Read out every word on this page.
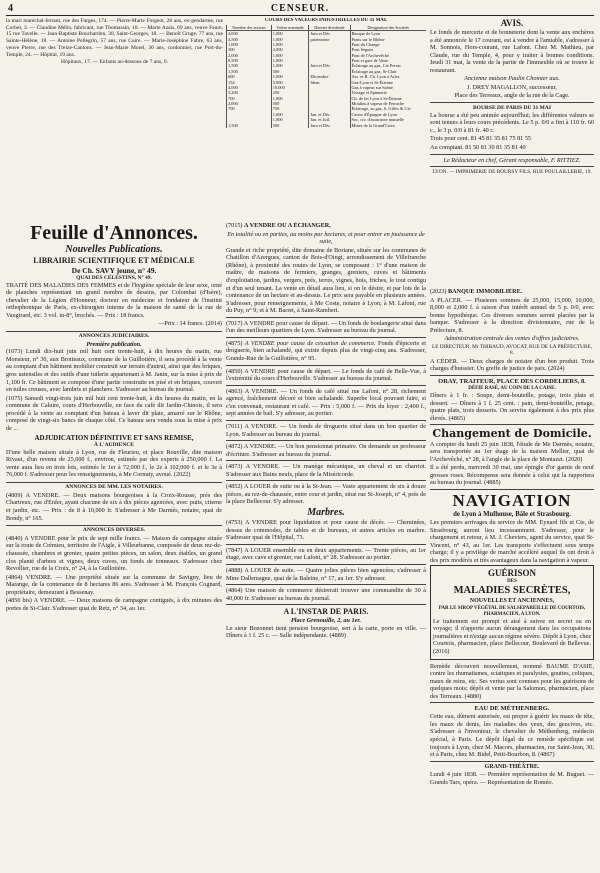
4	CENSEUR.

la mari maréchal-ferrant, rue des Farges, 174. — Pierre-Marie Forgeot, 28 ans, ex-gendarme, rue Corbet, 3. — Claudine Mélin, fabricant, rue Thomassin, 10. — Marie Azaïs, 69 ans, veuve Faure, 15 rue Tavelle. — Jean-Baptiste Bouchardon, 30, Saint-Georges, 18. — Benoît Gruge, 77 ans, rue Sainte-Hélène, 18. — Antoine Pellegrin, 57 ans, rue Cuire. — Marie-Joséphine Fabre, 63 ans, veuve Pierre, rue des Treize-Cantons. — Jean-Marie Morel, 36 ans, cordonnier, rue Port-du-Temple, 24. — Hôpital, 19 ans.

Hôpitaux, 17. — Enfants au-dessous de 7 ans, 0.

COURS DES VALEURS INDUSTRIELLES DU 31 MAI.
Nombre des actions	Valeur nominale	Dernier dividende	Désignation des Sociétés
4,000	1,000	Juin et Déc.	Banque de Lyon
4,500	1,000	patrimoine	Ponts sur le Rhône
1,000	1,000		Pont du Change
300	2,000		Pont Seguin
2,000	1,000		Pont de l'Archevêché
8,500	1,000		Pont et gare de Vaise
1,500	1,000	Juin et Déc.	Éclairage au gaz, Cie Perrac
1,500	500		Éclairage au gaz, St-Clair
600	1,000	Décembre	Ass. et B. Ch. Lyon à Arles
154	5,000	Idem.	Gaz-Lyon et St-Étienne
4,000	10,000		Gaz à vapeur sur Saône
3,200	250		Tissage et Spinnerie
700	1,000		Ch. de fer Lyon à St-Étienne
2,000	500		Moulins à vapeur de Perrache
700	750		Éclairage, au gaz, S. Gilles & Cie
	1,000	Jan. et Déc.	Caisse d'Épargne de Lyon
	1,000	Jan. et Juil.	Soc. civ. d'assurance mutuelle
1,500	500	Juin et Déc.	Mines de la Grand'Croix
AVIS.

Le fonds de mercerie et de bonneterie dont la vente aux enchères a été annoncée le 17 courant, est à vendre à l'amiable, s'adresser à M. Sonnois, Hors-courant, rue Lafont. Chez M. Mathieu, par Claude, rue du Temple, 4, pour y traiter à bonnes conditions. Jeudi 31 mai, la vente de la partie de l'immeuble où se trouve le restaurant.

Ancienne maison Paulin Chomier aux.

J. DREY MAGALLON, successeur,

Place des Terreaux, angle de la rue de la Cage.

BOURSE DE PARIS DU 31 MAI

La bourse a été peu animée aujourd'hui; les différentes valeurs se sont tenues à leurs cours précédents. Le 5 p. 0/0 a fini à 110 fr. 60 c., le 3 p. 0/0 à 81 fr. 40 c.

Trois pour cent. 81 45 81 35 81 75 81 55

Au comptant. 81 50 81 30 81 35 81 40

Le Rédacteur en chef, Gérant responsable, F. RITTIEZ.

LYON. — IMPRIMERIE DE BOURSY FILS, RUE POULAILLERIE, 19.

Feuille d'Annonces.
Nouvelles Publications.
LIBRAIRIE SCIENTIFIQUE ET MÉDICALE
De Ch. SAVY jeune, n° 49.
QUAI DES CÉLESTINS, N° 49.

TRAITÉ DES MALADIES DES FEMMES et de l'hygiène spéciale de leur sexe, orné de planches représentant un grand nombre de dessins, par Colombat (d'Isère), chevalier de la Légion d'Honneur, docteur en médecine et fondateur de l'institut orthophonique de Paris, ex-chirurgien interne de la maison de santé de la rue de Vaugirard, etc. 3 vol. in-8°, brochés. — Prix : 18 francs.

—Prix : 14 francs. (2014)

ANNONCES JUDICIAIRES.
Première publication.

(1073) Lundi dix-huit juin mil huit cent trente-huit, à dix heures du matin, rue Monsieur, n° 30, aux Brotteaux, commune de la Guillotière, il sera procédé à la vente au comptant d'un bâtiment mobilier construit sur terrain d'autrui, ainsi que des briques, gros ustensiles et des outils d'une tuilerie appartenant à M. Janin, sur la mise à prix de 1,100 fr. Ce bâtiment se compose d'une partie construite en pisé et en briques, couvert en tuiles creuses, avec lambris et planchers. S'adresser au bureau du journal.

(1075) Samedi vingt-trois juin mil huit cent trente-huit, à dix heures du matin, en la commune de Caluire, cours d'Herbouville, en face du café dit Jardin-Chinois, il sera procédé à la vente au comptant d'un bateau à laver dit plate, amarré sur le Rhône, composé de vingt-six bancs de chaque côté. Ce bateau sera vendu sous la mise à prix de ...

ADJUDICATION DÉFINITIVE ET SANS REMISE,
À L'AUDIENCE

D'une belle maison située à Lyon, rue de Fleurieu, et place Rouville, dite maison Rivaut, d'un revenu de 25,000 f., environ, estimée par des experts à 250,000 f. La vente aura lieu en trois lots, estimés le 1er à 72,000 f., le 2e à 102,000 f. et le 3e à 76,000 f. S'adresser pour les renseignements, à Me Cornuty, avoué. (2022)

ANNONCES DE MM. LES NOTAIRES.

(4809) A VENDRE. — Deux maisons bourgeoises à la Croix-Rousse, près des Chartreux, rue d'Enfer, ayant chacune de six à dix pièces agencées, avec puits, citerne et jardin, etc. — Prix : de 8 à 10,000 fr. S'adresser à Me Darmès, notaire, quai de Bondy, n° 165.

ANNONCES DIVERSES.

(4840) A VENDRE pour le prix de sept mille francs. — Maison de campagne située sur la route de Crémieu, territoire de l'Aigle, à Villeurbanne, composée de deux rez-de-chaussée, chambres et grenier, quatre petites pièces, un salon, deux étables, un grand clos planté d'arbres et vignes, deux cuves, un fonds de tonneaux. S'adresser chez Revollier, rue de la Croix, n° 24, à la Guillotière.

(4864) VENDRE. — Une propriété située sur la commune de Savigny, lieu de Marange, de la contenance de 8 hectares 86 ares. S'adresser à M. François Cognard, propriétaire, demeurant à Bessenay.

(4850 bis) A VENDRE. — Deux maisons de campagne contiguës, à dix minutes des portes de St-Clair. S'adresser quai de Retz, n° 34, au 1er.

(7015) A VENDRE OU A ÉCHANGER,

En totalité ou en parties, au moins par hectares, et pour entrer en jouissance de suite,

Grande et riche propriété, dite domaine de Boriane, située sur les communes de Chatillon d'Azergues, canton de Bois-d'Oingt, arrondissement de Villefranche (Rhône), à proximité des routes de Lyon, se composant : 1° d'une maison de maître, de maisons de fermiers, granges, greniers, cuves et bâtiments d'exploitation, jardins, vergers, prés, terres, vignes, bois, friches, le tout contigu et d'un seul tenant. La vente en détail aura lieu, si on le désire, et par lots de la contenance de un hectare et au-dessus. Le prix sera payable en plusieurs années. S'adresser, pour renseignements, à Me Coste, notaire à Lyon; à M. Lafont, rue du Puy, n° 9; et à M. Barret, à Saint-Rambert.

(7017) A VENDRE pour cause de départ. — Un fonds de boulangerie situé dans l'un des meilleurs quartiers de Lyon. S'adresser au bureau du journal.

(4875) A VENDRE pour cause de cessation de commerce. Fonds d'épicerie et droguerie, bien achalandé, qui existe depuis plus de vingt-cinq ans. S'adresser, Grande-Rue de la Guillotière, n° 95.

(4850) A VENDRE pour cause de départ. — Le fonds de café de Belle-Vue, à l'extrémité du cours d'Herbouville. S'adresser au bureau du journal.

(4863) A VENDRE. — Un fonds de café situé rue Lafont, n° 28, richement agencé, fraîchement décoré et bien achalandé. Superbe local pouvant faire, si c'en convenait, restaurant et café. — Prix : 5,000 f. — Prix du loyer : 2,400 f., sept années de bail. S'y adresser, au portier.

(7011) A VENDRE. — Un fonds de droguerie situé dans un bon quartier de Lyon. S'adresser au bureau du journal.

(4872) A VENDRE. — Un bon pensionnat primaire. On demande un professeur d'écriture. S'adresser au bureau du journal.

(4873) A VENDRE. — Un manège mécanique, un cheval et un charriot. S'adresser aux Bains neufs, place de la Miséricorde.

(4852) A LOUER de suite ou à la St-Jean. — Vaste appartement de six à douze pièces, au rez-de-chaussée, entre cour et jardin, situé rue St-Joseph, n° 4, près de la place Bellecour. S'y adresser.

Marbres.

(4753) A VENDRE pour liquidation et pour cause de décès. — Cheminées, dessus de commodes, de tables et de bureaux, et autres articles en marbre. S'adresser quai de l'Hôpital, 73.

(7847) A LOUER ensemble ou en deux appartements. — Trente pièces, au 1er étage, avec cave et grenier, rue Lafont, n° 28. S'adresser au portier.

(4888) A LOUER de suite. — Quatre jolies pièces bien agencées; s'adresser à Mme Dallemagne, quai de la Baleine, n° 17, au 1er. S'y adresser.

(4864) Une maison de commerce désirerait trouver une commandite de 30 à 40,000 fr. S'adresser au bureau du journal.

A L'INSTAR DE PARIS.
Place Grenouille, 2, au 1er.

Le sieur Bozonnet tient pension bourgeoise, sert à la carte, porte en ville. — Dîners à 1 f. 25 c. — Salle indépendante. (4889)

(2023) BANQUE IMMOBILIÈRE.

A PLACER. — Plusieurs sommes de 25,000, 15,000, 10,000, 8,000 et 2,000 f. à raison d'un intérêt annuel de 5 p. 0/0, avec bonne hypothèque. Ces diverses sommes seront placées par la banque. S'adresser à la direction divisionnaire, rue de la Préfecture, 8.

Administration centrale des ventes d'offres judiciaires.

LE DIRECTEUR, Mr THIBAUD, AVOCAT, RUE DE LA PRÉFECTURE, 8.

A CÉDER. — Deux charges de notaire d'un bon produit. Trois charges d'huissier. Un greffe de justice de paix. (2024)

ORAY, TRAITEUR, PLACE DES CORDELIERS, 8.
DÉFIE RASÉ, AU COIN DE LA CAISE.

Dîners à 1 fr. : Soupe, demi-bouteille, potage, trois plats et dessert. — Dîners à 1 f. 25 cent. : pain, demi-bouteille, potage, quatre plats, trois desserts. On servira également à des prix plus élevés. (4865)

Changement de Domicile.

A compter du lundi 25 juin 1838, l'étude de Me Darmès, notaire, sera transportée au 1er étage de la maison Mellier, quai de l'Archevêché, n° 28, à l'angle de la place de Montazet. (2020)

Il a été perdu, mercredi 30 mai, une épingle d'or garnie de neuf grosses roses. Récompense sera donnée à celui qui la rapportera au bureau du journal. (4885)

NAVIGATION
de Lyon à Mulhouse, Bâle et Strasbourg.

Les premiers arrivages du service de MM. Eynard fils et Cie, de Strasbourg, auront lieu incessamment. S'adresser, pour le chargement et retour, à M. J. Cheviers, agent du service, quai St-Vincent, n° 43, au 1er. Les transports s'effectuent sous temps charge; il y a privilège de marché accéléré auquel ils ont droit à des prix modérés et très avantageux dans la navigation à vapeur.

GUÉRISON
DES
MALADIES SECRÈTES,
NOUVELLES ET ANCIENNES,
PAR LE SIROP VÉGÉTAL DE SALSEPAREILLE DE COURTOIS,
PHARMACIEN, A LYON.

Le traitement est prompt et aisé à suivre en secret ou en voyage; il n'apporte aucun dérangement dans les occupations journalières et n'exige aucun régime sévère. Dépôt à Lyon, chez Courtois, pharmacien, place Bellecour, Boulevard de Bellevue. (2016)

Remède découvert nouvellement, nommé BAUME D'ASIE, contre les rhumatismes, sciatiques et paralysies, gouttes, coliques, maux de reins, etc. Ses vertus sont connues pour les guérisons de quelques mois; dépôt et vente par la Salomon, pharmacien, place des Terreaux. (4880)

EAU DE MÉTHENBERG.

Cette eau, dûment autorisée, est propre à guérir les maux de tête, les maux de dents, les maladies des yeux, des gencives, etc. S'adresser à l'inventeur, le chevalier de Méthenberg, médecin spécial, à Paris. Le dépôt légal de ce remède spécifique est toujours à Lyon, chez M. Macors, pharmacien, rue Saint-Jean, 30; et à Paris, chez M. Bidel, Petit-Bourbon, 8. (4867)

GRAND-THÉÂTRE.

Lundi 4 juin 1838. — Première représentation de M. Buguet. — Grands Tars, opéra. — Représentation de Roméo.
